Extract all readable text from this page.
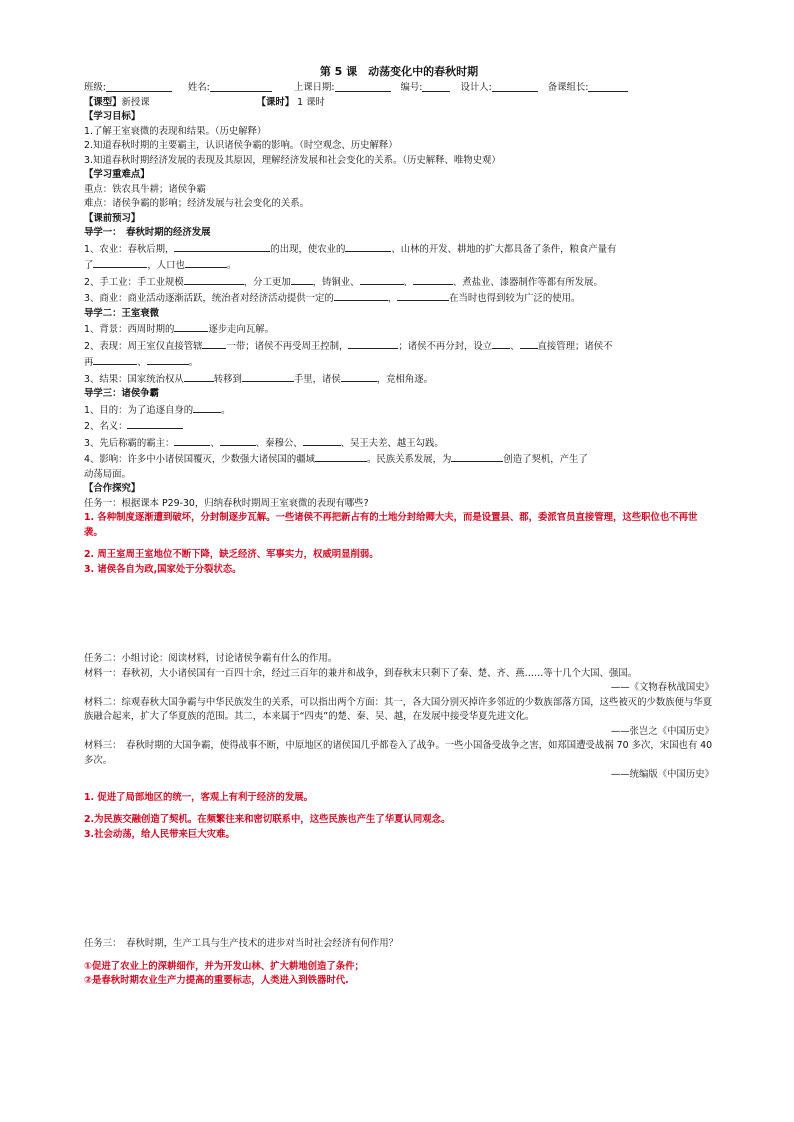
第 5 课　动荡变化中的春秋时期
班级:	姓名:	上课日期:	编号:	设计人:	备课组长:
【课型】新授课	【课时】 1 课时
【学习目标】
1.了解王室衰微的表现和结果。（历史解释）
2.知道春秋时期的主要霸主，认识诸侯争霸的影响。（时空观念、历史解释）
3.知道春秋时期经济发展的表现及其原因，理解经济发展和社会变化的关系。（历史解释、唯物史观）
【学习重难点】
重点：铁农具牛耕；诸侯争霸
难点：诸侯争霸的影响；经济发展与社会变化的关系。
【课前预习】
导学一：　春秋时期的经济发展
1、农业：春秋后期，	的出现，使农业的	、山林的开发、耕地的扩大都具备了条件，粮食产量有
了	，人口也	。
2、手工业：手工业规模	，分工更加 ，铸铜业、	、	、煮盐业、漆器制作等都有所发展。
3、商业：商业活动逐渐活跃，统治者对经济活动提供一定的	，	在当时也得到较为广泛的使用。
导学二：王室衰微
1、背景：西周时期的	逐步走向瓦解。
2、表现：周王室仅直接管辖	一带；诸侯不再受周王控制，	；诸侯不再分封，设立 、 直接管理；诸侯不
再	、	。
3、结果：国家统治权从	转移到	手里，诸侯	，竞相角逐。
导学三：诸侯争霸
1、目的：为了追逐自身的	。
2、名义：
3、先后称霸的霸主：	、	、秦穆公、	、吴王夫差、越王勾践。
4、影响：许多中小诸侯国覆灭，少数强大诸侯国的疆域	。民族关系发展，为	创造了契机，产生了
动荡局面。
【合作探究】
任务一：根据课本 P29-30，归纳春秋时期周王室衰微的表现有哪些?
1. 各种制度逐渐遭到破坏，分封制逐步瓦解。一些诸侯不再把新占有的土地分封给卿大夫，而是设置县、郡，委派官员直接管理，这些职位也不再世袭。
2. 周王室周王室地位不断下降，缺乏经济、军事实力，权威明显削弱。
3. 诸侯各自为政,国家处于分裂状态。
任务二：小组讨论：阅读材料，讨论诸侯争霸有什么的作用。
材料一：春秋初，大小诸侯国有一百四十余，经过三百年的兼并和战争，到春秋末只剩下了秦、楚、齐、燕……等十几个大国、强国。
——《文物春秋战国史》
材料二：综观春秋大国争霸与中华民族发生的关系，可以指出两个方面：其一，各大国分别灭掉许多邻近的少数族部落方国，这些被灭的少数族便与华夏族融合起来，扩大了华夏族的范围。其二，本来属于“四夷”的楚、秦、吴、越，在发展中接受华夏先进文化。
——张岂之《中国历史》
材料三：　春秋时期的大国争霸，使得战事不断，中原地区的诸侯国几乎都卷入了战争。一些小国备受战争之害，如郑国遭受战祸 70 多次，宋国也有 40 多次。
——统编版《中国历史》
1. 促进了局部地区的统一，客观上有利于经济的发展。
2.为民族交融创造了契机。在频繁往来和密切联系中，这些民族也产生了华夏认同观念。
3.社会动荡，给人民带来巨大灾难。
任务三：　春秋时期，生产工具与生产技术的进步对当时社会经济有何作用？
①促进了农业上的深耕细作，并为开发山林、扩大耕地创造了条件；
②是春秋时期农业生产力提高的重要标志，人类进入到铁器时代.
